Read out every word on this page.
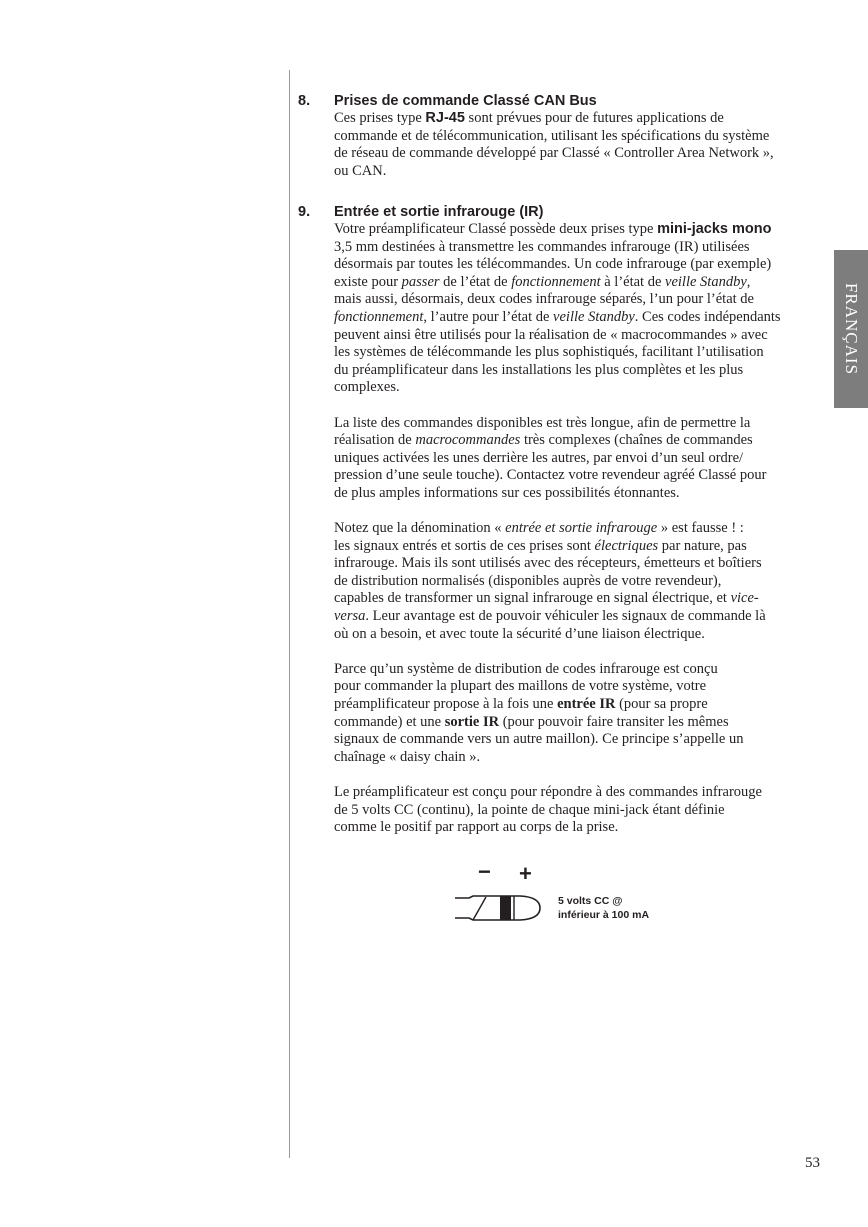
FRANÇAIS
8. Prises de commande Classé CAN Bus

Ces prises type RJ-45 sont prévues pour de futures applications de

commande et de télécommunication, utilisant les spécifications du système

de réseau de commande développé par Classé « Controller Area Network »,

ou CAN.

9. Entrée et sortie infrarouge (IR)

Votre préamplificateur Classé possède deux prises type mini-jacks mono

3,5 mm destinées à transmettre les commandes infrarouge (IR) utilisées

désormais par toutes les télécommandes. Un code infrarouge (par exemple)

existe pour passer de l’état de fonctionnement à l’état de veille Standby,

mais aussi, désormais, deux codes infrarouge séparés, l’un pour l’état de

fonctionnement, l’autre pour l’état de veille Standby. Ces codes indépendants

peuvent ainsi être utilisés pour la réalisation de « macrocommandes » avec

les systèmes de télécommande les plus sophistiqués, facilitant l’utilisation

du préamplificateur dans les installations les plus complètes et les plus

complexes.

La liste des commandes disponibles est très longue, afin de permettre la

réalisation de macrocommandes très complexes (chaînes de commandes

uniques activées les unes derrière les autres, par envoi d’un seul ordre/

pression d’une seule touche). Contactez votre revendeur agréé Classé pour

de plus amples informations sur ces possibilités étonnantes.

Notez que la dénomination « entrée et sortie infrarouge » est fausse ! :

les signaux entrés et sortis de ces prises sont électriques par nature, pas

infrarouge. Mais ils sont utilisés avec des récepteurs, émetteurs et boîtiers

de distribution normalisés (disponibles auprès de votre revendeur),

capables de transformer un signal infrarouge en signal électrique, et vice-

versa. Leur avantage est de pouvoir véhiculer les signaux de commande là

où on a besoin, et avec toute la sécurité d’une liaison électrique.

Parce qu’un système de distribution de codes infrarouge est conçu

pour commander la plupart des maillons de votre système, votre

préamplificateur propose à la fois une entrée IR (pour sa propre

commande) et une sortie IR (pour pouvoir faire transiter les mêmes

signaux de commande vers un autre maillon). Ce principe s’appelle un

chaînage « daisy chain ».

Le préamplificateur est conçu pour répondre à des commandes infrarouge

de 5 volts CC (continu), la pointe de chaque mini-jack étant définie

comme le positif par rapport au corps de la prise.

− +
5 volts CC @
inférieur à 100 mA
53
